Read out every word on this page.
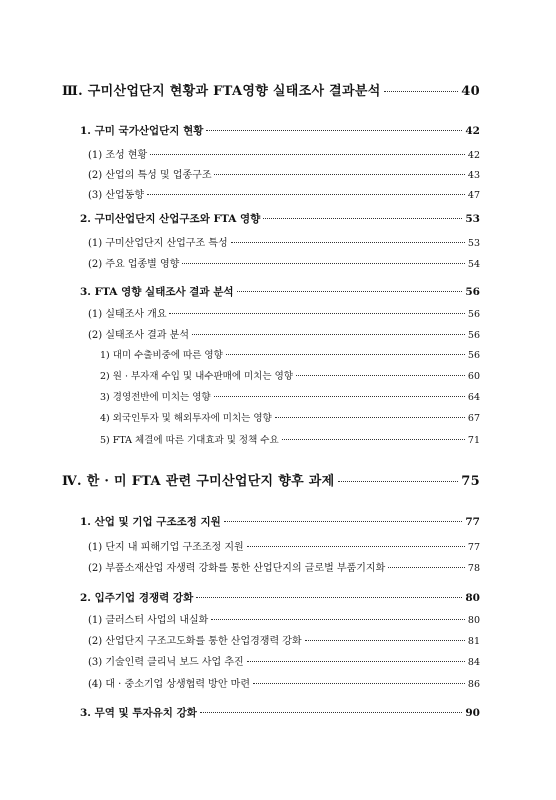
Ⅲ. 구미산업단지 현황과 FTA영향 실태조사 결과분석	40
1. 구미 국가산업단지 현황	42
(1) 조성 현황	42
(2) 산업의 특성 및 업종구조	43
(3) 산업동향	47
2. 구미산업단지 산업구조와 FTA 영향	53
(1) 구미산업단지 산업구조 특성	53
(2) 주요 업종별 영향	54
3. FTA 영향 실태조사 결과 분석	56
(1) 실태조사 개요	56
(2) 실태조사 결과 분석	56
1) 대미 수출비중에 따른 영향	56
2) 원 · 부자재 수입 및 내수판매에 미치는 영향	60
3) 경영전반에 미치는 영향	64
4) 외국인투자 및 해외투자에 미치는 영향	67
5) FTA 체결에 따른 기대효과 및 정책 수요	71
Ⅳ. 한 · 미 FTA 관련 구미산업단지 향후 과제	75
1. 산업 및 기업 구조조정 지원	77
(1) 단지 내 피해기업 구조조정 지원	77
(2) 부품소재산업 자생력 강화를 통한 산업단지의 글로벌 부품기지화	78
2. 입주기업 경쟁력 강화	80
(1) 클러스터 사업의 내실화	80
(2) 산업단지 구조고도화를 통한 산업경쟁력 강화	81
(3) 기술인력 클리닉 보드 사업 추진	84
(4) 대 · 중소기업 상생협력 방안 마련	86
3. 무역 및 투자유치 강화	90
